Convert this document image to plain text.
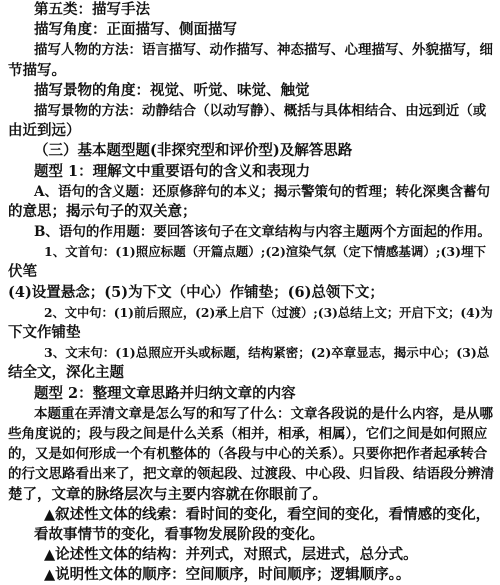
第五类：描写手法
描写角度：正面描写、侧面描写
描写人物的方法：语言描写、动作描写、神态描写、心理描写、外貌描写，细
节描写。
描写景物的角度：视觉、听觉、味觉、触觉
描写景物的方法：动静结合（以动写静）、概括与具体相结合、由远到近（或
由近到远）
（三）基本题型题(非探究型和评价型)及解答思路
题型 1：理解文中重要语句的含义和表现力
A、语句的含义题：还原修辞句的本义；揭示警策句的哲理；转化深奥含蓄句
的意思；揭示句子的双关意；
B、语句的作用题：要回答该句子在文章结构与内容主题两个方面起的作用。
1、文首句：(1)照应标题（开篇点题）;(2)渲染气氛（定下情感基调）;(3)埋下
伏笔
(4)设置悬念；(5)为下文（中心）作铺垫；(6)总领下文；
2、文中句：(1)前后照应，(2)承上启下（过渡）;(3)总结上文；开启下文；(4)为
下文作铺垫
3、文末句：(1)总照应开头或标题，结构紧密；(2)卒章显志，揭示中心；(3)总
结全文，深化主题
题型 2：整理文章思路并归纳文章的内容
本题重在弄清文章是怎么写的和写了什么：文章各段说的是什么内容，是从哪
些角度说的；段与段之间是什么关系（相并，相承，相属），它们之间是如何照应
的，又是如何形成一个有机整体的（各段与中心的关系）。只要你把作者起承转合
的行文思路看出来了，把文章的领起段、过渡段、中心段、归旨段、结语段分辨清
楚了，文章的脉络层次与主要内容就在你眼前了。
▲叙述性文体的线索：看时间的变化，看空间的变化，看情感的变化，
看故事情节的变化，看事物发展阶段的变化。
▲论述性文体的结构：并列式，对照式，层进式，总分式。
▲说明性文体的顺序：空间顺序，时间顺序；逻辑顺序。。
